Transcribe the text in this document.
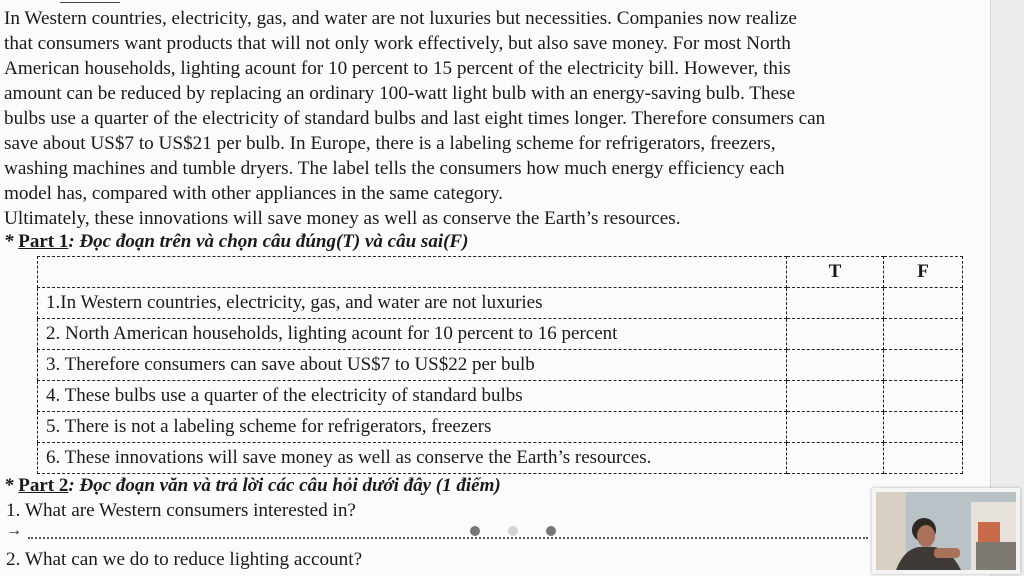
In Western countries, electricity, gas, and water are not luxuries but necessities. Companies now realize

that consumers want products that will not only work effectively, but also save money. For most North

American households, lighting acount for 10 percent to 15 percent of the electricity bill. However, this

amount can be reduced by replacing an ordinary 100-watt light bulb with an energy-saving bulb. These

bulbs use a quarter of the electricity of standard bulbs and last eight times longer. Therefore consumers can

save about US$7 to US$21 per bulb. In Europe, there is a labeling scheme for refrigerators, freezers,

washing machines and tumble dryers. The label tells the consumers how much energy efficiency each

model has, compared with other appliances in the same category.

Ultimately, these innovations will save money as well as conserve the Earth’s resources.

* Part 1: Đọc đoạn trên và chọn câu đúng(T) và câu sai(F)
	T	F
1.In Western countries, electricity, gas, and water are not luxuries		
2. North American households, lighting acount for 10 percent to 16 percent		
3. Therefore consumers can save about US$7 to US$22 per bulb		
4. These bulbs use a quarter of the electricity of standard bulbs		
5. There is not a labeling scheme for refrigerators, freezers		
6. These innovations will save money as well as conserve the Earth’s resources.		
* Part 2: Đọc đoạn văn và trả lời các câu hỏi dưới đây (1 điểm)
1. What are Western consumers interested in?
→
2. What can we do to reduce lighting account?
